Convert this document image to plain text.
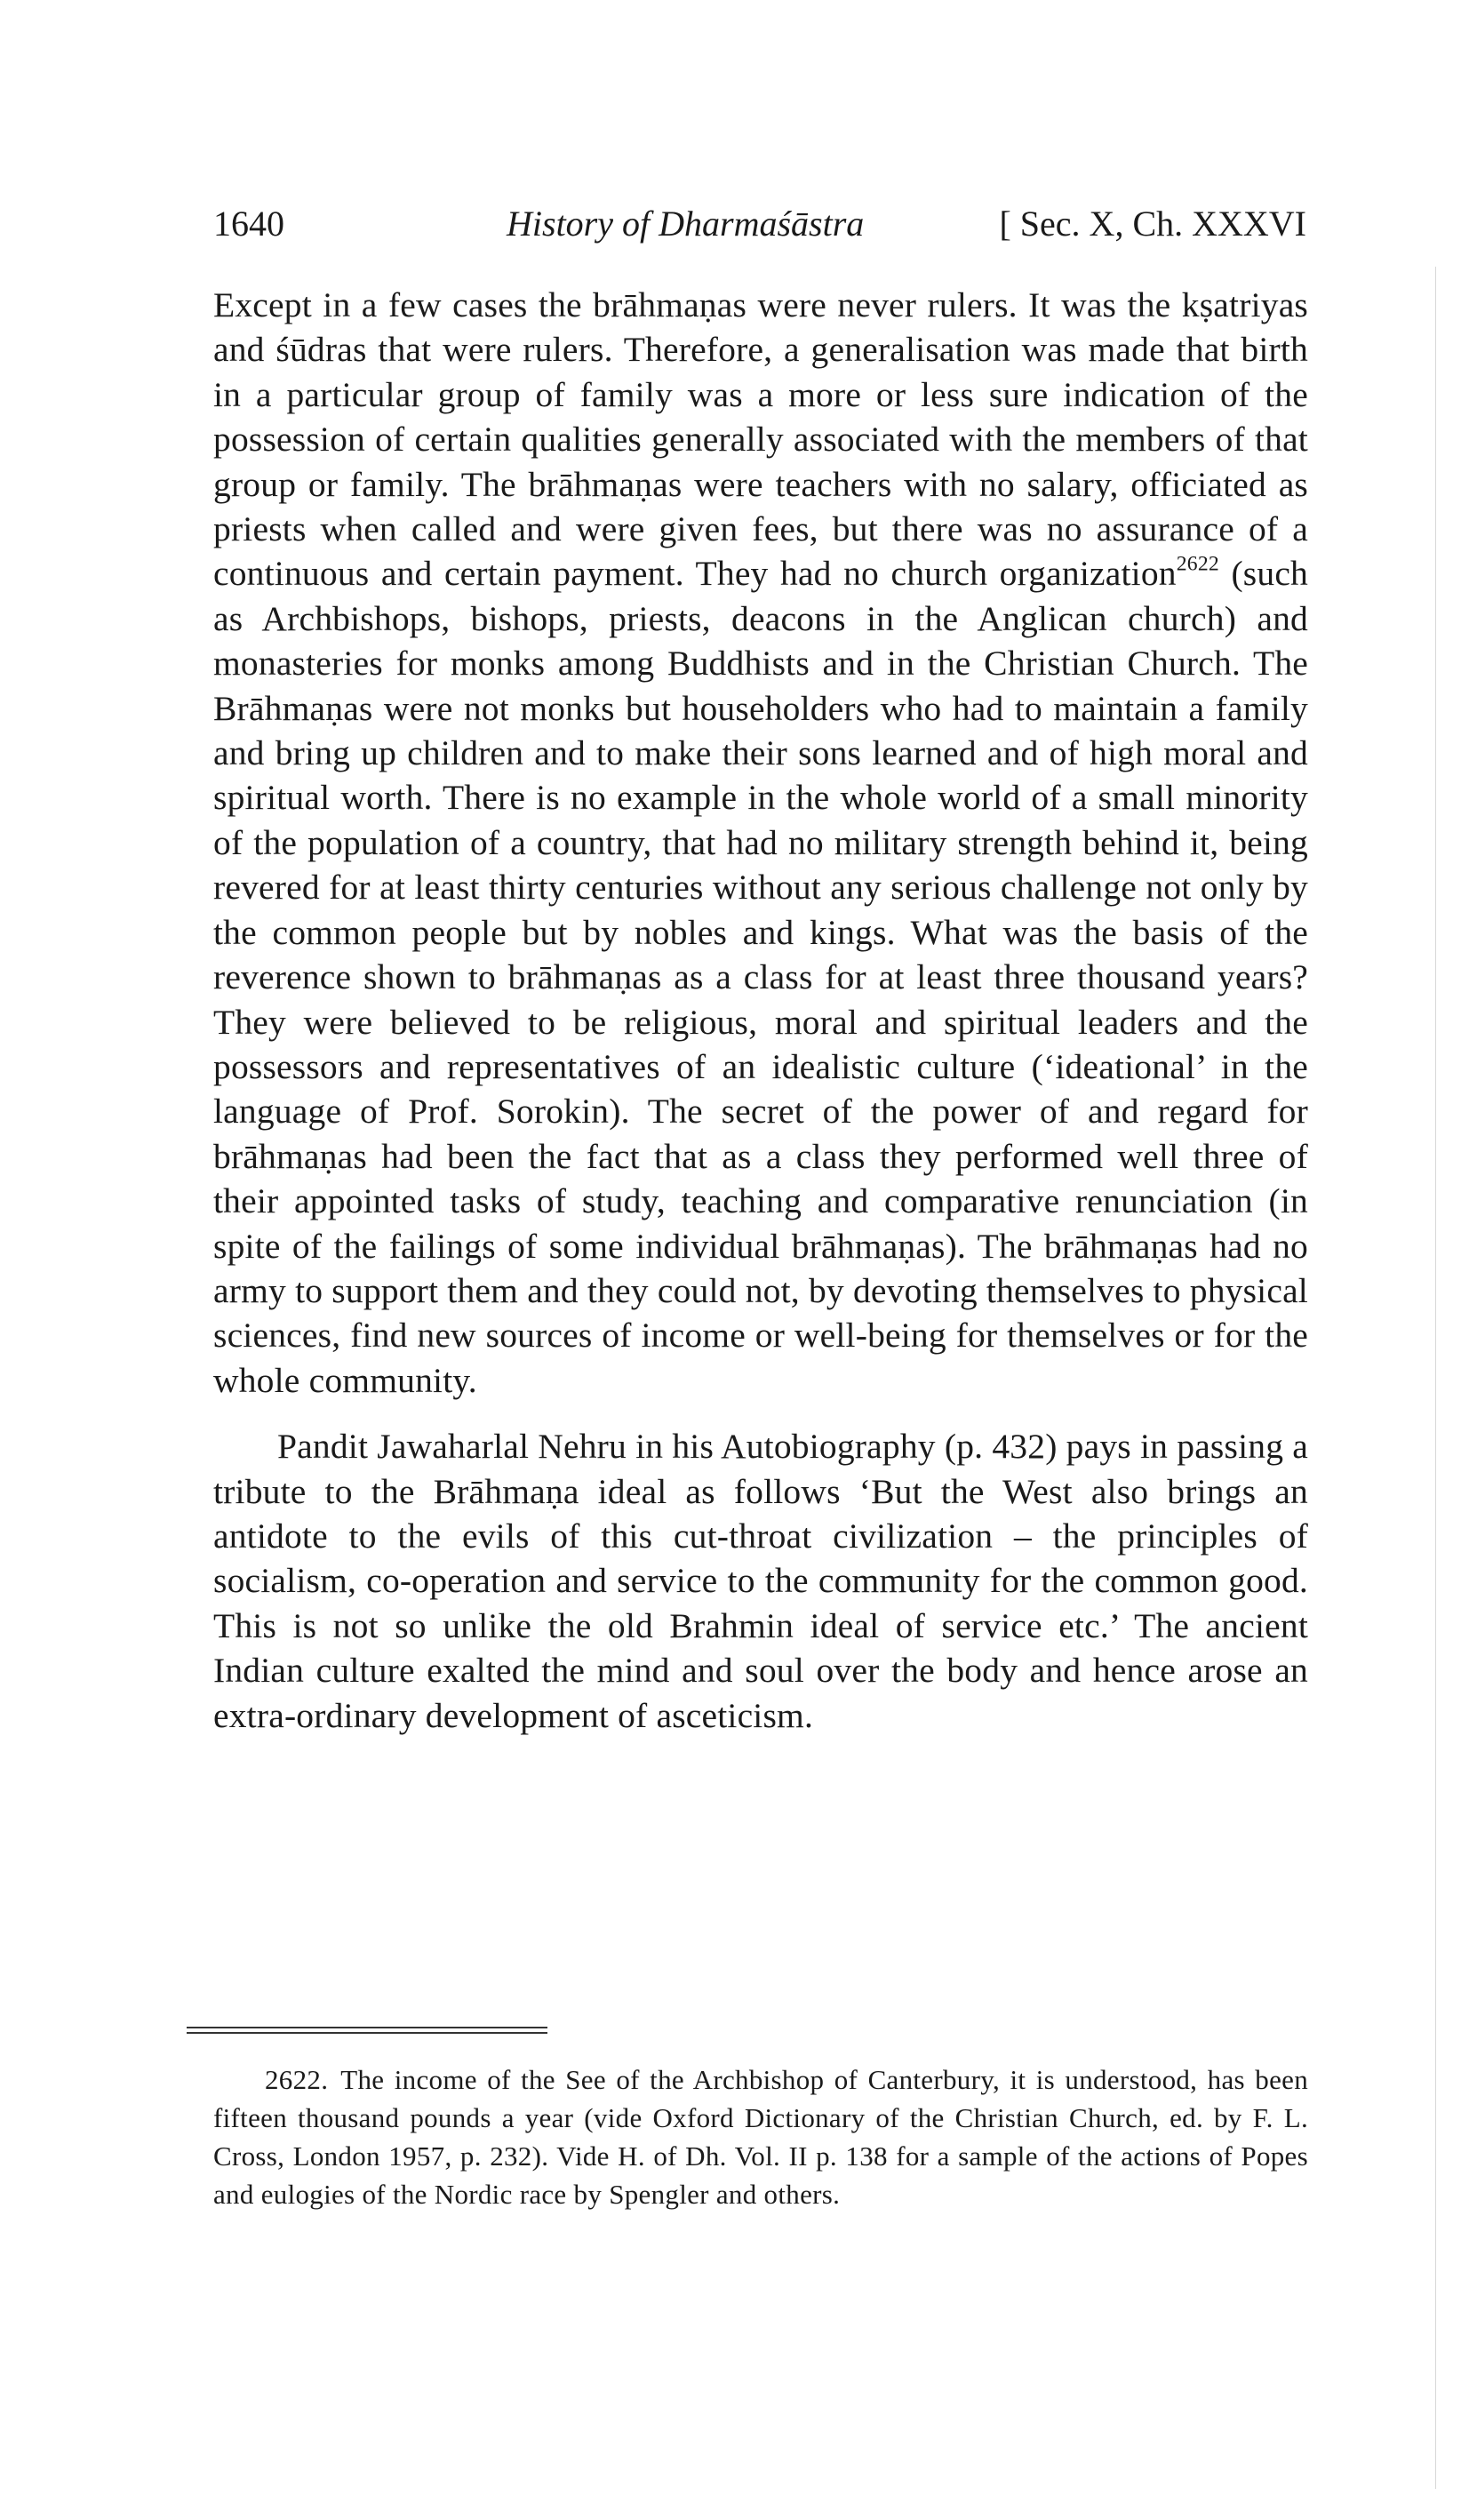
1640	History of Dharmaśāstra	[ Sec. X, Ch. XXXVI

Except in a few cases the brāhmaṇas were never rulers. It was the kṣatriyas and śūdras that were rulers. Therefore, a generalisation was made that birth in a particular group of family was a more or less sure indication of the possession of certain qualities generally associated with the members of that group or family. The brāhmaṇas were teachers with no salary, officiated as priests when called and were given fees, but there was no assurance of a continuous and certain payment. They had no church organization$^{2622}$ (such as Archbishops, bishops, priests, deacons in the Anglican church) and monasteries for monks among Buddhists and in the Christian Church. The Brāhmaṇas were not monks but householders who had to maintain a family and bring up children and to make their sons learned and of high moral and spiritual worth. There is no example in the whole world of a small minority of the population of a country, that had no military strength behind it, being revered for at least thirty centuries without any serious challenge not only by the common people but by nobles and kings. What was the basis of the reverence shown to brāhmaṇas as a class for at least three thousand years? They were believed to be religious, moral and spiritual leaders and the possessors and representatives of an idealistic culture (‘ideational’ in the language of Prof. Sorokin). The secret of the power of and regard for brāhmaṇas had been the fact that as a class they performed well three of their appointed tasks of study, teaching and comparative renunciation (in spite of the failings of some individual brāhmaṇas). The brāhmaṇas had no army to support them and they could not, by devoting themselves to physical sciences, find new sources of income or well-being for themselves or for the whole community.

Pandit Jawaharlal Nehru in his Autobiography (p. 432) pays in passing a tribute to the Brāhmaṇa ideal as follows ‘But the West also brings an antidote to the evils of this cut-throat civilization – the principles of socialism, co-operation and service to the community for the common good. This is not so unlike the old Brahmin ideal of service etc.’ The ancient Indian culture exalted the mind and soul over the body and hence arose an extra-ordinary development of asceticism.

2622. The income of the See of the Archbishop of Canterbury, it is understood, has been fifteen thousand pounds a year (vide Oxford Dictionary of the Christian Church, ed. by F. L. Cross, London 1957, p. 232). Vide H. of Dh. Vol. II p. 138 for a sample of the actions of Popes and eulogies of the Nordic race by Spengler and others.
